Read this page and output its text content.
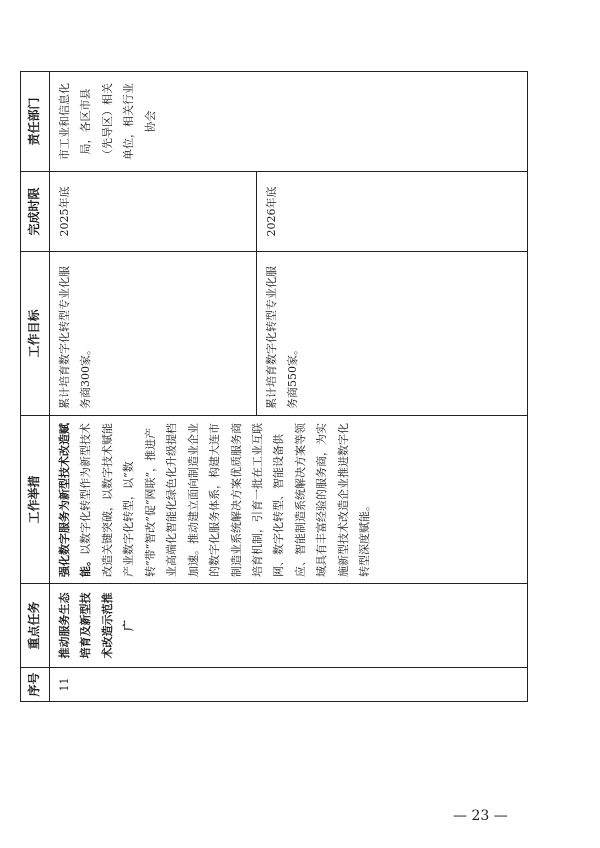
序号	重点任务	工作举措	工作目标	完成时限	责任部门
11	推动服务生态培育及新型技术改造示范推广	强化数字服务为新型技术改造赋能。以数字化转型作为新型技术改造关键突破，以数字技术赋能产业数字化转型，以“数转”带“智改”促“网联”，推进产业高端化智能化绿色化升级提档加速。推动建立面向制造业企业的数字化服务体系，构建大连市制造业系统解决方案优质服务商培育机制，引育一批在工业互联网、数字化转型、智能设备供应、智能制造系统解决方案等领域具有丰富经验的服务商，为实施新型技术改造企业推进数字化转型深度赋能。	累计培育数字化转型专业化服务商300家。	2025年底	市工业和信息化局，各区市县（先导区）相关单位，相关行业协会
			累计培育数字化转型专业化服务商550家。	2026年底	
— 23 —
